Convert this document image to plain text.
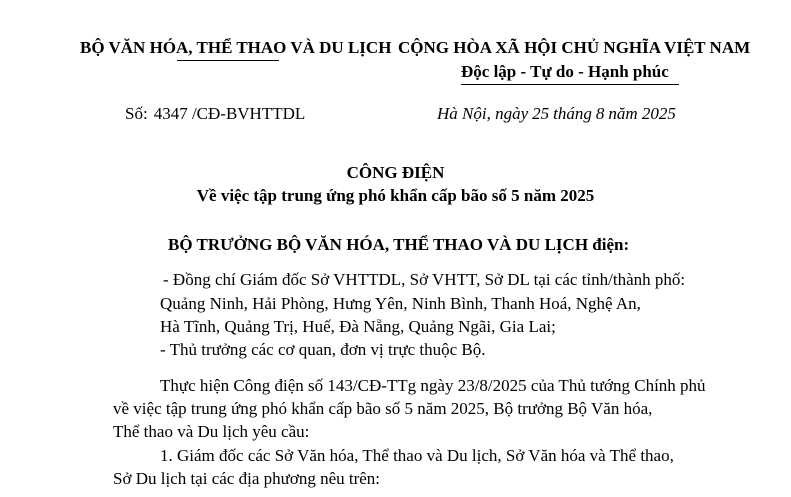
BỘ VĂN HÓA, THỂ THAO VÀ DU LỊCH CỘNG HÒA XÃ HỘI CHỦ NGHĨA VIỆT NAM
Độc lập - Tự do - Hạnh phúc
Số: 4347 /CĐ-BVHTTDL	Hà Nội, ngày 25 tháng 8 năm 2025
CÔNG ĐIỆN
Về việc tập trung ứng phó khẩn cấp bão số 5 năm 2025
BỘ TRƯỞNG BỘ VĂN HÓA, THỂ THAO VÀ DU LỊCH điện:
- Đồng chí Giám đốc Sở VHTTDL, Sở VHTT, Sở DL tại các tỉnh/thành phố:
Quảng Ninh, Hải Phòng, Hưng Yên, Ninh Bình, Thanh Hoá, Nghệ An,
Hà Tĩnh, Quảng Trị, Huế, Đà Nẵng, Quảng Ngãi, Gia Lai;
- Thủ trưởng các cơ quan, đơn vị trực thuộc Bộ.
Thực hiện Công điện số 143/CĐ-TTg ngày 23/8/2025 của Thủ tướng Chính phủ
về việc tập trung ứng phó khẩn cấp bão số 5 năm 2025, Bộ trưởng Bộ Văn hóa,
Thể thao và Du lịch yêu cầu:
1. Giám đốc các Sở Văn hóa, Thể thao và Du lịch, Sở Văn hóa và Thể thao,
Sở Du lịch tại các địa phương nêu trên:
